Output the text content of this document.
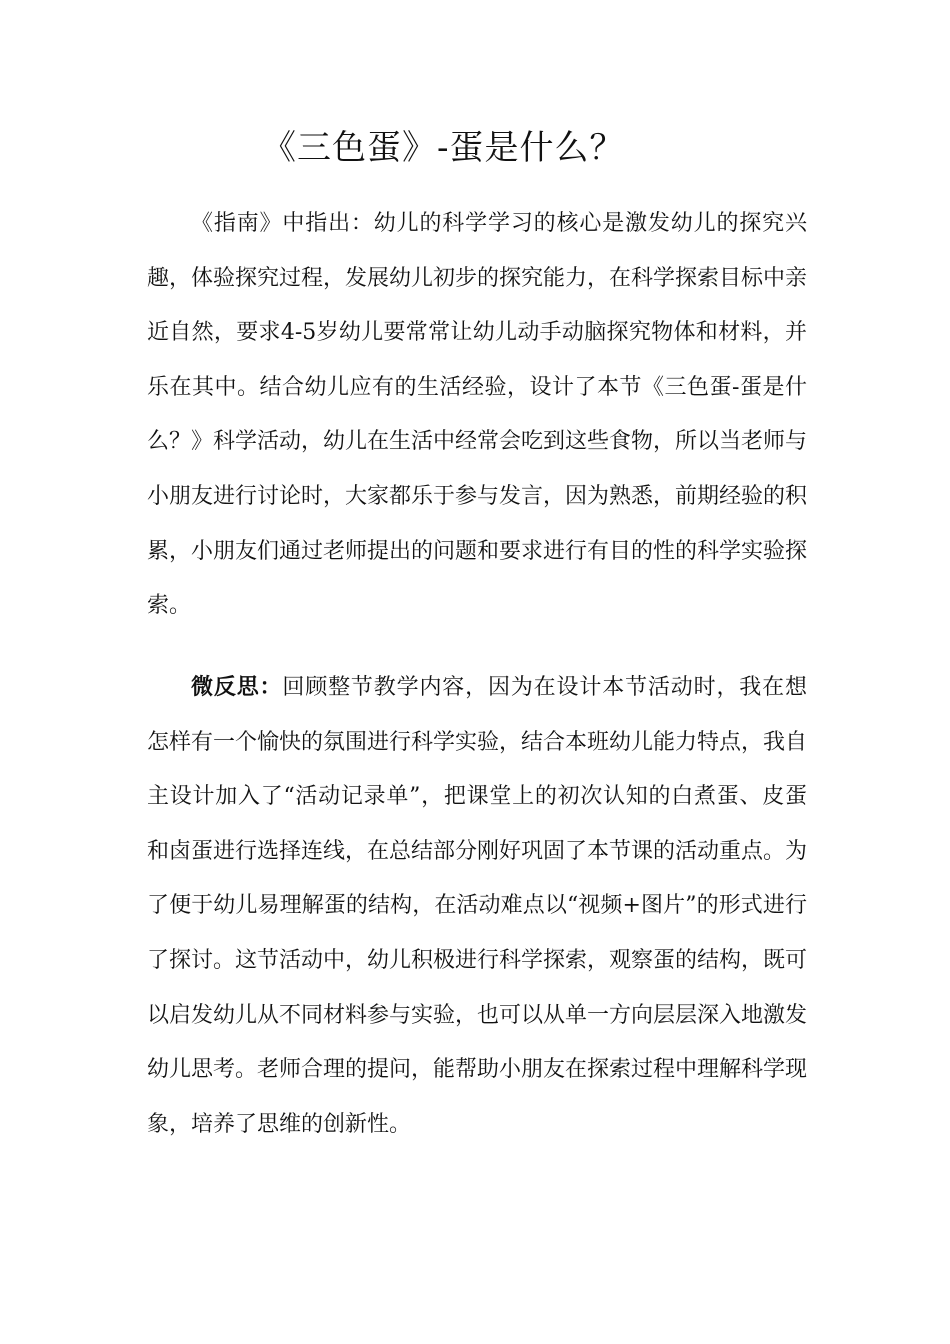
《三色蛋》-蛋是什么？

《指南》中指出：幼儿的科学学习的核心是激发幼儿的探究兴趣，体验探究过程，发展幼儿初步的探究能力，在科学探索目标中亲近自然，要求4-5岁幼儿要常常让幼儿动手动脑探究物体和材料，并乐在其中。结合幼儿应有的生活经验，设计了本节《三色蛋-蛋是什么？》科学活动，幼儿在生活中经常会吃到这些食物，所以当老师与小朋友进行讨论时，大家都乐于参与发言，因为熟悉，前期经验的积累，小朋友们通过老师提出的问题和要求进行有目的性的科学实验探索。

微反思：回顾整节教学内容，因为在设计本节活动时，我在想怎样有一个愉快的氛围进行科学实验，结合本班幼儿能力特点，我自主设计加入了“活动记录单”，把课堂上的初次认知的白煮蛋、皮蛋和卤蛋进行选择连线，在总结部分刚好巩固了本节课的活动重点。为了便于幼儿易理解蛋的结构，在活动难点以“视频+图片”的形式进行了探讨。这节活动中，幼儿积极进行科学探索，观察蛋的结构，既可以启发幼儿从不同材料参与实验，也可以从单一方向层层深入地激发幼儿思考。老师合理的提问，能帮助小朋友在探索过程中理解科学现象，培养了思维的创新性。
